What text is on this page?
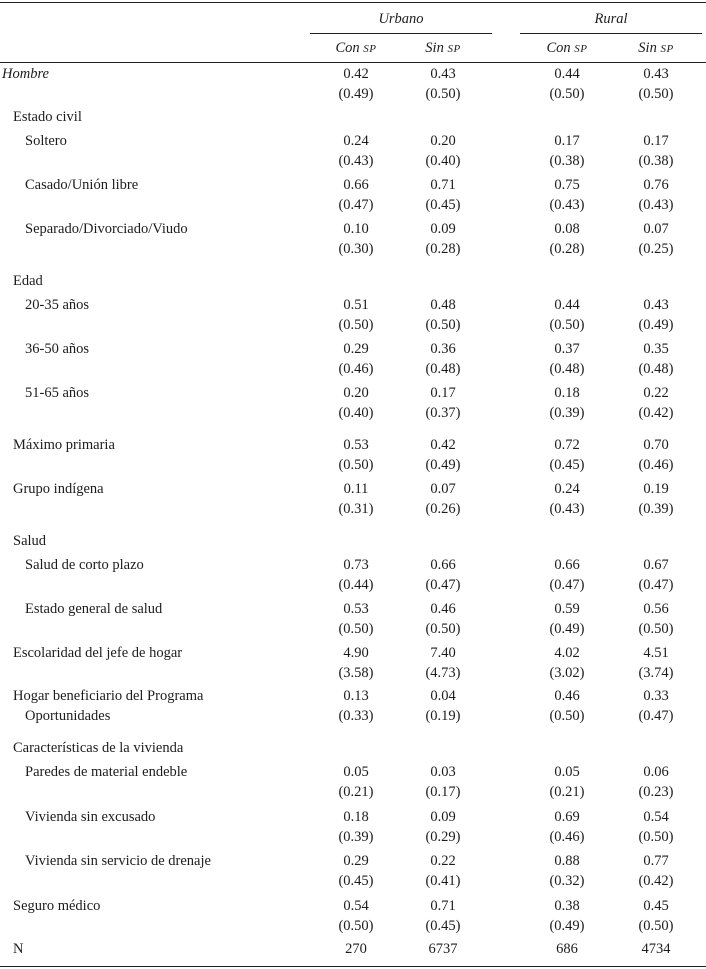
Urbano	Rural
Con SP	Sin SP	Con SP	Sin SP
Hombre	0.42	0.43	0.44	0.43
(0.49)	(0.50)	(0.50)	(0.50)
Estado civil
Soltero	0.24	0.20	0.17	0.17
(0.43)	(0.40)	(0.38)	(0.38)
Casado/Unión libre	0.66	0.71	0.75	0.76
(0.47)	(0.45)	(0.43)	(0.43)
Separado/Divorciado/Viudo	0.10	0.09	0.08	0.07
(0.30)	(0.28)	(0.28)	(0.25)
Edad
20-35 años	0.51	0.48	0.44	0.43
(0.50)	(0.50)	(0.50)	(0.49)
36-50 años	0.29	0.36	0.37	0.35
(0.46)	(0.48)	(0.48)	(0.48)
51-65 años	0.20	0.17	0.18	0.22
(0.40)	(0.37)	(0.39)	(0.42)
Máximo primaria	0.53	0.42	0.72	0.70
(0.50)	(0.49)	(0.45)	(0.46)
Grupo indígena	0.11	0.07	0.24	0.19
(0.31)	(0.26)	(0.43)	(0.39)
Salud
Salud de corto plazo	0.73	0.66	0.66	0.67
(0.44)	(0.47)	(0.47)	(0.47)
Estado general de salud	0.53	0.46	0.59	0.56
(0.50)	(0.50)	(0.49)	(0.50)
Escolaridad del jefe de hogar	4.90	7.40	4.02	4.51
(3.58)	(4.73)	(3.02)	(3.74)
Hogar beneficiario del Programa
Oportunidades
0.13	0.04	0.46	0.33
(0.33)	(0.19)	(0.50)	(0.47)
Características de la vivienda
Paredes de material endeble	0.05	0.03	0.05	0.06
(0.21)	(0.17)	(0.21)	(0.23)
Vivienda sin excusado	0.18	0.09	0.69	0.54
(0.39)	(0.29)	(0.46)	(0.50)
Vivienda sin servicio de drenaje	0.29	0.22	0.88	0.77
(0.45)	(0.41)	(0.32)	(0.42)
Seguro médico	0.54	0.71	0.38	0.45
(0.50)	(0.45)	(0.49)	(0.50)
N	270	6737	686	4734
